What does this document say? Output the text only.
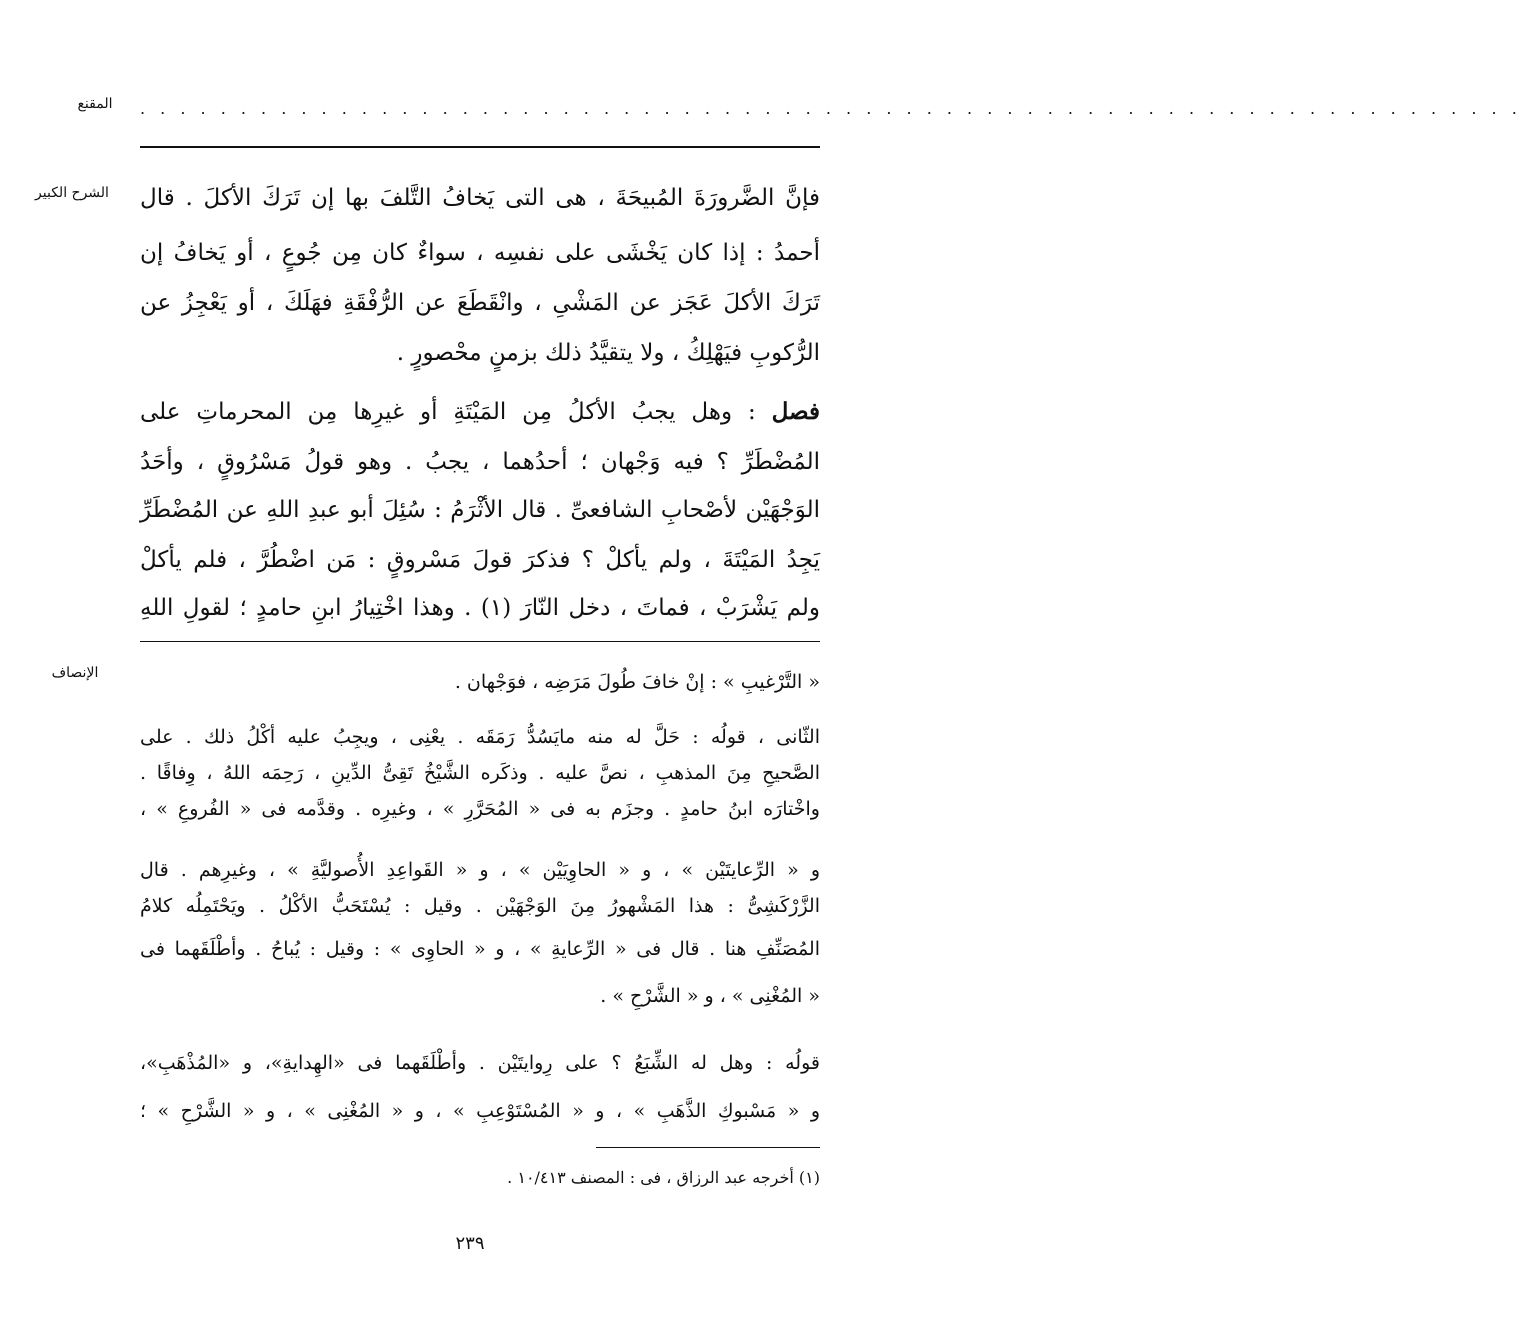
المقنع	. . . . . . . . . . . . . . . . . . . . . . . . . . . . . . . . . . . . . . . . . . . . . . . . . . . . . . . . . . . . . . . . . . . . .
الشرح الكبير
الإنصاف
فإنَّ الضَّرورَةَ المُبيحَةَ ، هى التى يَخافُ التَّلفَ بها إن تَرَكَ الأكلَ . قال
أحمدُ : إذا كان يَخْشَى على نفسِه ، سواءٌ كان مِن جُوعٍ ، أو يَخافُ إن
تَرَكَ الأكلَ عَجَز عن المَشْىِ ، وانْقَطَعَ عن الرُّفْقَةِ فهَلَكَ ، أو يَعْجِزُ عن
الرُّكوبِ فيَهْلِكُ ، ولا يتقيَّدُ ذلك بزمنٍ محْصورٍ .
فصل : وهل يجبُ الأكلُ مِن المَيْتَةِ أو غيرِها مِن المحرماتِ على
المُضْطَرِّ ؟ فيه وَجْهان ؛ أحدُهما ، يجبُ . وهو قولُ مَسْرُوقٍ ، وأحَدُ
الوَجْهَيْن لأصْحابِ الشافعىِّ . قال الأثْرَمُ : سُئِلَ أبو عبدِ اللهِ عن المُضْطَرِّ
يَجِدُ المَيْتَةَ ، ولم يأكلْ ؟ فذكرَ قولَ مَسْروقٍ : مَن اضْطُرَّ ، فلم يأكلْ
ولم يَشْرَبْ ، فماتَ ، دخل النّارَ (١) . وهذا اخْتِيارُ ابنِ حامدٍ ؛ لقولِ اللهِ
« التَّرْغيبِ » : إنْ خافَ طُولَ مَرَضِه ، فوَجْهان .
الثّانى ، قولُه : حَلَّ له منه مايَسُدُّ رَمَقَه . يعْنِى ، ويجِبُ عليه أكْلُ ذلك . على
الصَّحيحِ مِنَ المذهبِ ، نصَّ عليه . وذكَره الشَّيْخُ تَقِىُّ الدِّينِ ، رَحِمَه اللهُ ، وِفاقًا .
واخْتارَه ابنُ حامدٍ . وجزَم به فى « المُحَرَّرِ » ، وغيرِه . وقدَّمه فى « الفُروعِ » ،
و « الرِّعايتَيْن » ، و « الحاوِيَيْن » ، و « القَواعِدِ الأُصوليَّةِ » ، وغيرِهم . قال
الزَّرْكَشِىُّ : هذا المَشْهورُ مِنَ الوَجْهَيْن . وقيل : يُسْتَحَبُّ الأكْلُ . ويَحْتَمِلُه كلامُ
المُصَنِّفِ هنا . قال فى « الرِّعايةِ » ، و « الحاوِى » : وقيل : يُباحُ . وأطْلَقَهما فى
« المُغْنِى » ، و « الشَّرْحِ » .
قولُه : وهل له الشِّبَعُ ؟ على رِوايتَيْن . وأطْلَقَهما فى «الهِدايةِ»، و «المُذْهَبِ»،
و « مَسْبوكِ الذَّهَبِ » ، و « المُسْتَوْعِبِ » ، و « المُغْنِى » ، و « الشَّرْحِ » ؛
(١) أخرجه عبد الرزاق ، فى : المصنف ١٠/٤١٣ .
٢٣٩
